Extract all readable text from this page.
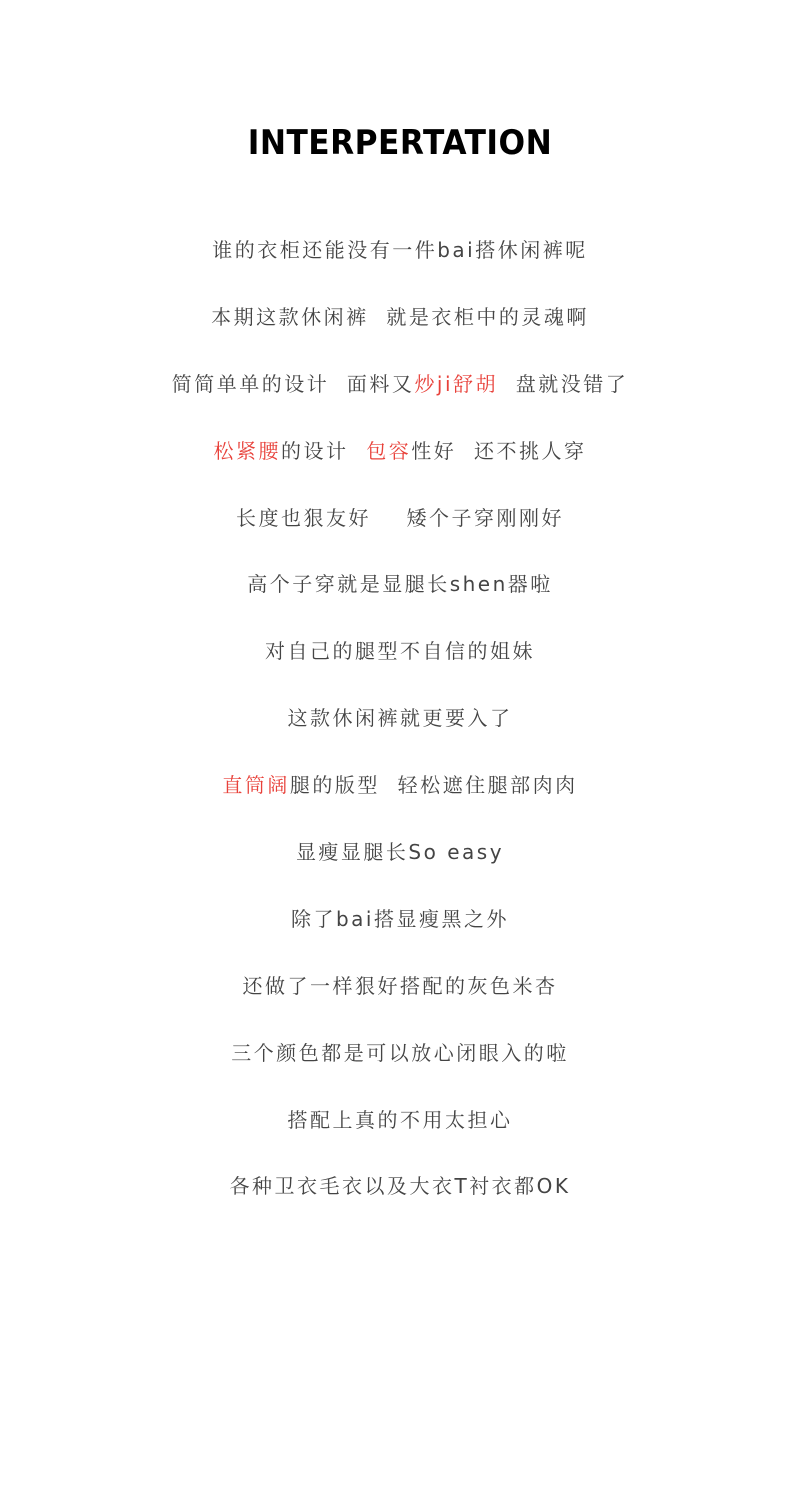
INTERPERTATION
谁的衣柜还能没有一件bai搭休闲裤呢
本期这款休闲裤  就是衣柜中的灵魂啊
简简单单的设计  面料又炒ji舒胡  盘就没错了
松紧腰的设计  包容性好  还不挑人穿
长度也狠友好    矮个子穿刚刚好
高个子穿就是显腿长shen器啦
对自己的腿型不自信的姐妹
这款休闲裤就更要入了
直筒阔腿的版型  轻松遮住腿部肉肉
显瘦显腿长So easy
除了bai搭显瘦黑之外
还做了一样狠好搭配的灰色米杏
三个颜色都是可以放心闭眼入的啦
搭配上真的不用太担心
各种卫衣毛衣以及大衣T衬衣都OK
